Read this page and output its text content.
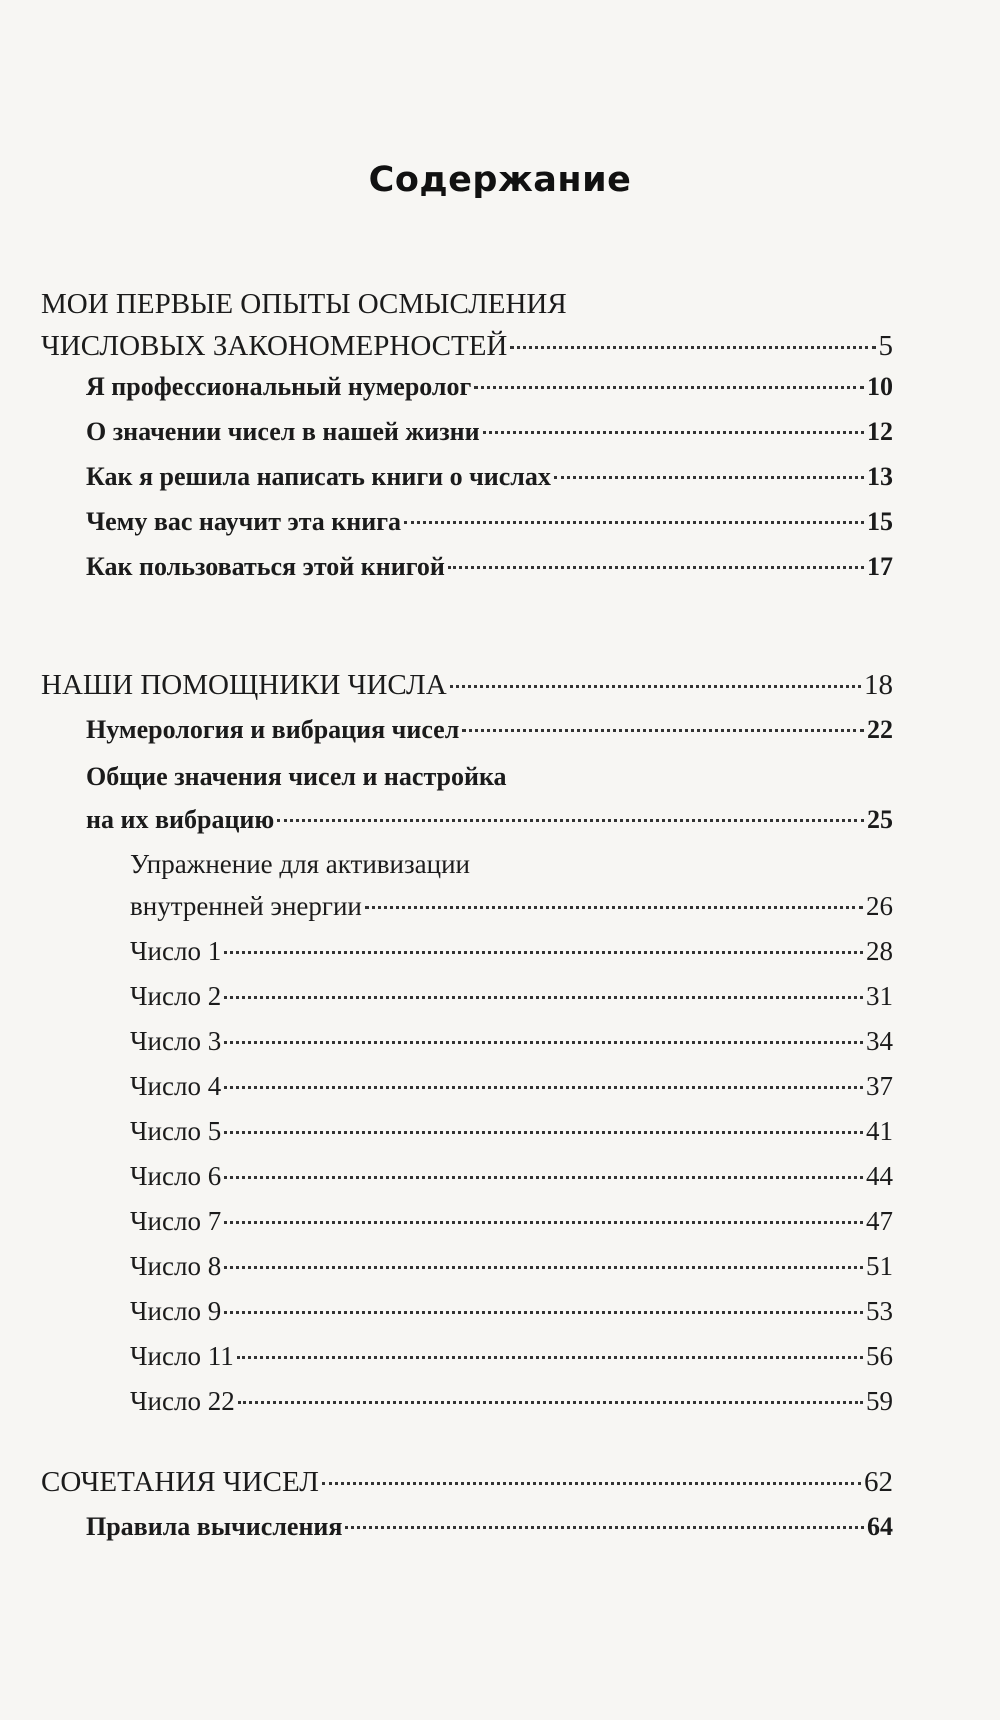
Содержание
МОИ ПЕРВЫЕ ОПЫТЫ ОСМЫСЛЕНИЯ
ЧИСЛОВЫХ ЗАКОНОМЕРНОСТЕЙ	5
Я профессиональный нумеролог	10
О значении чисел в нашей жизни	12
Как я решила написать книги о числах	13
Чему вас научит эта книга	15
Как пользоваться этой книгой	17
НАШИ ПОМОЩНИКИ ЧИСЛА	18
Нумерология и вибрация чисел	22
Общие значения чисел и настройка
на их вибрацию	25
Упражнение для активизации
внутренней энергии	26
Число 1	28
Число 2	31
Число 3	34
Число 4	37
Число 5	41
Число 6	44
Число 7	47
Число 8	51
Число 9	53
Число 11	56
Число 22	59
СОЧЕТАНИЯ ЧИСЕЛ	62
Правила вычисления	64
